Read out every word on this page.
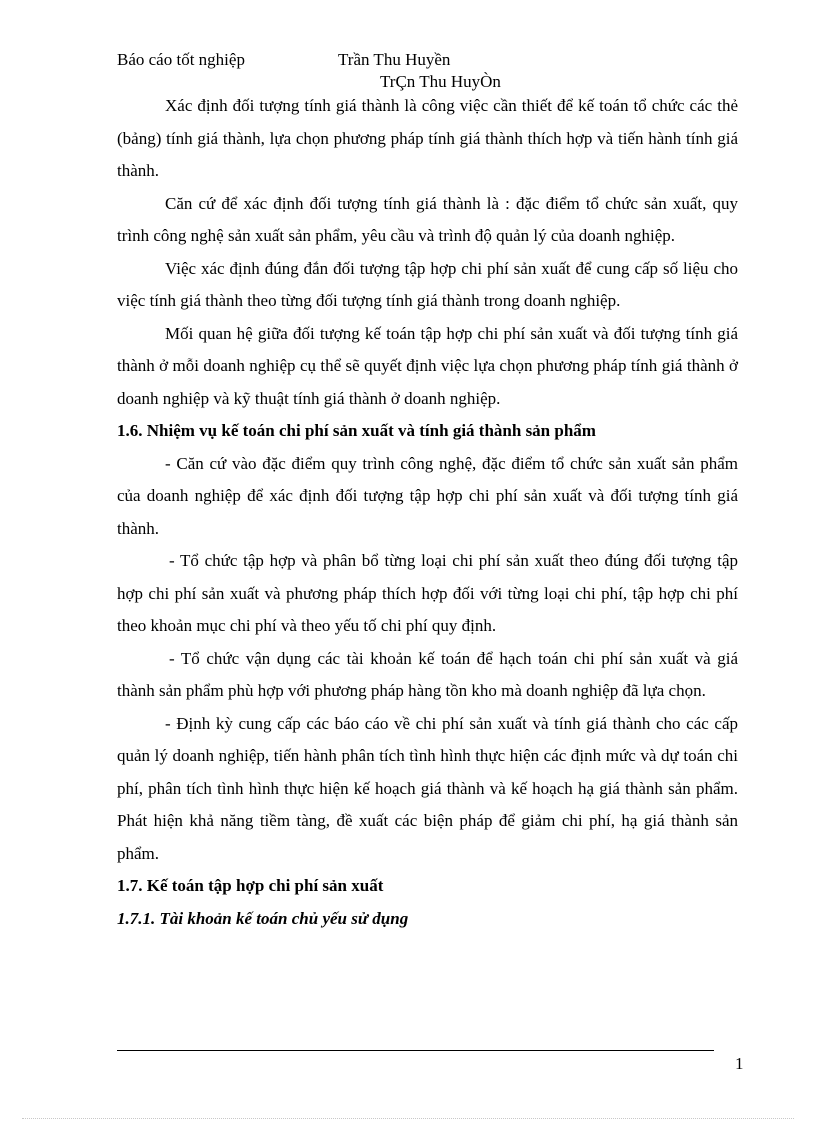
Báo cáo tốt nghiệp	Trần Thu Huyền
TrÇn Thu HuyÒn

Xác định đối tượng tính giá thành là công việc cần thiết để kế toán tổ chức các thẻ (bảng) tính giá thành, lựa chọn phương pháp tính giá thành thích hợp và tiến hành tính giá thành.

Căn cứ để xác định đối tượng tính giá thành là : đặc điểm tổ chức sản xuất, quy trình công nghệ sản xuất sản phẩm, yêu cầu và trình độ quản lý của doanh nghiệp.

Việc xác định đúng đắn đối tượng tập hợp chi phí sản xuất để cung cấp số liệu cho việc tính giá thành theo từng đối tượng tính giá thành trong doanh nghiệp.

Mối quan hệ giữa đối tượng kế toán tập hợp chi phí sản xuất và đối tượng tính giá thành ở mỗi doanh nghiệp cụ thể sẽ quyết định việc lựa chọn phương pháp tính giá thành ở doanh nghiệp và kỹ thuật tính giá thành ở doanh nghiệp.

1.6. Nhiệm vụ kế toán chi phí sản xuất và tính giá thành sản phẩm

- Căn cứ vào đặc điểm quy trình công nghệ, đặc điểm tổ chức sản xuất sản phẩm của doanh nghiệp để xác định đối tượng tập hợp chi phí sản xuất và đối tượng tính giá thành.

- Tổ chức tập hợp và phân bổ từng loại chi phí sản xuất theo đúng đối tượng tập hợp chi phí sản xuất và phương pháp thích hợp đối với từng loại chi phí, tập hợp chi phí theo khoản mục chi phí và theo yếu tố chi phí quy định.

- Tổ chức vận dụng các tài khoản kế toán để hạch toán chi phí sản xuất và giá thành sản phẩm phù hợp với phương pháp hàng tồn kho mà doanh nghiệp đã lựa chọn.

- Định kỳ cung cấp các báo cáo về chi phí sản xuất và tính giá thành cho các cấp quản lý doanh nghiệp, tiến hành phân tích tình hình thực hiện các định mức và dự toán chi phí, phân tích tình hình thực hiện kế hoạch giá thành và kế hoạch hạ giá thành sản phẩm. Phát hiện khả năng tiềm tàng, đề xuất các biện pháp để giảm chi phí, hạ giá thành sản phẩm.

1.7. Kế toán tập hợp chi phí sản xuất

1.7.1. Tài khoản kế toán chủ yếu sử dụng

1
